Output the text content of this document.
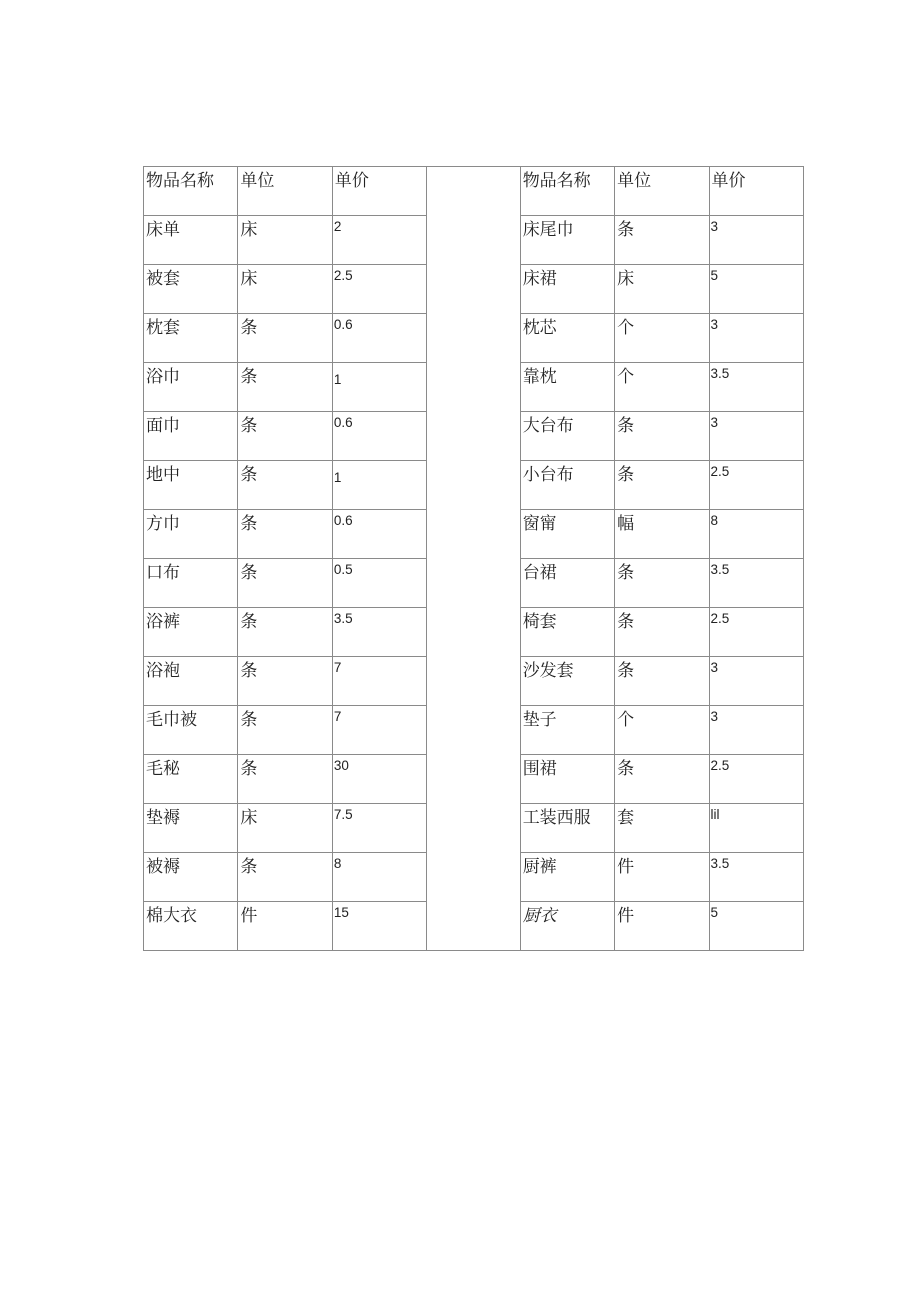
物品名称	单位	单价		物品名称	单位	单价

床单	床	2		床尾巾	条	3

被套	床	2.5		床裙	床	5

枕套	条	0.6		枕芯	个	3

浴巾	条	1		靠枕	个	3.5

面巾	条	0.6		大台布	条	3

地中	条	1		小台布	条	2.5

方巾	条	0.6		窗甯	幅	8

口布	条	0.5		台裙	条	3.5

浴裤	条	3.5		椅套	条	2.5

浴袍	条	7		沙发套	条	3

毛巾被	条	7		垫子	个	3

毛秘	条	30		围裙	条	2.5

垫褥	床	7.5		工装西服	套	lil

被褥	条	8		厨裤	件	3.5

棉大衣	件	15		厨衣	件	5
